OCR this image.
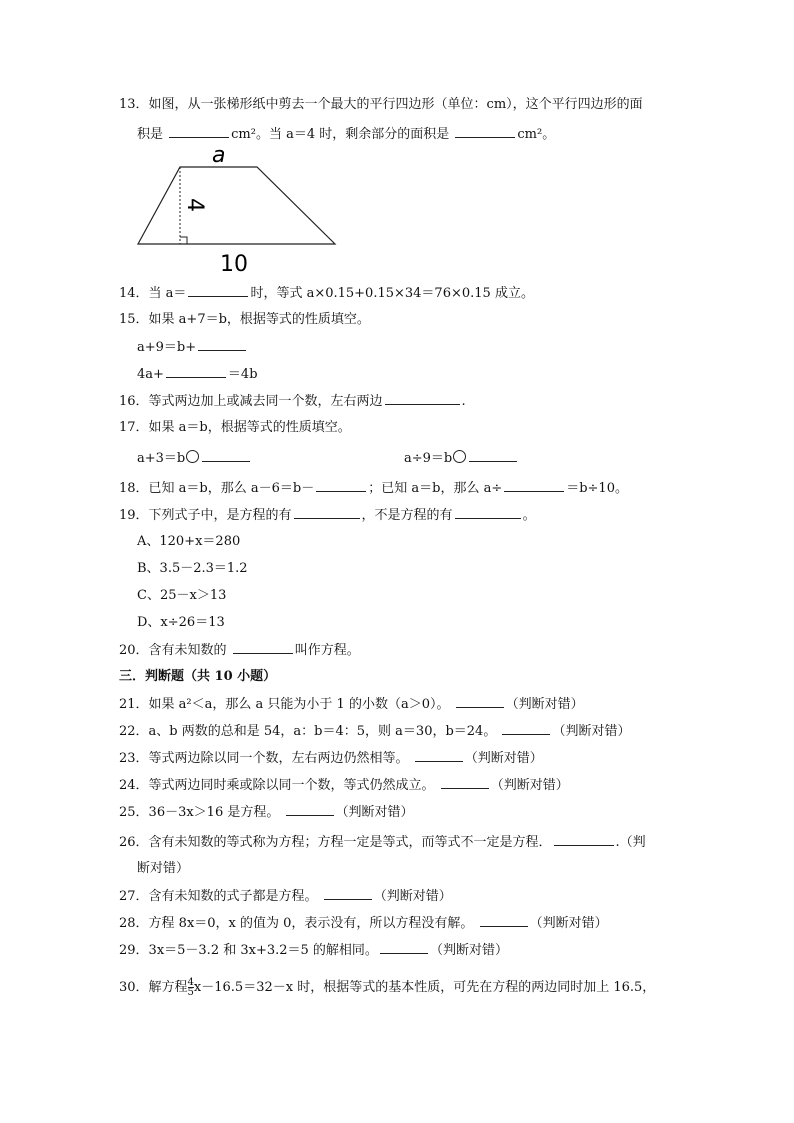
13．如图，从一张梯形纸中剪去一个最大的平行四边形（单位：cm），这个平行四边形的面
积是	cm²。当 a＝4 时，剩余部分的面积是	cm²。
a
4
10
14．当 a＝	时，等式 a×0.15+0.15×34＝76×0.15 成立。
15．如果 a+7＝b，根据等式的性质填空。
a+9＝b+
4a+	＝4b
16．等式两边加上或减去同一个数，左右两边	.
17．如果 a＝b，根据等式的性质填空。
a+3＝b	a÷9＝b
18．已知 a＝b，那么 a－6＝b－	；已知 a＝b，那么 a÷	＝b÷10。
19．下列式子中，是方程的有	，不是方程的有	。
A、120+x＝280
B、3.5－2.3＝1.2
C、25－x＞13
D、x÷26＝13
20．含有未知数的	叫作方程。
三．判断题（共 10 小题）
21．如果 a²＜a，那么 a 只能为小于 1 的小数（a＞0）。	（判断对错）
22．a、b 两数的总和是 54，a：b＝4：5，则 a＝30，b＝24。	（判断对错）
23．等式两边除以同一个数，左右两边仍然相等。	（判断对错）
24．等式两边同时乘或除以同一个数，等式仍然成立。	（判断对错）
25．36－3x＞16 是方程。	（判断对错）
26．含有未知数的等式称为方程；方程一定是等式，而等式不一定是方程．	.（判
断对错）
27．含有未知数的式子都是方程。	（判断对错）
28．方程 8x＝0，x 的值为 0，表示没有，所以方程没有解。	（判断对错）
29．3x＝5－3.2 和 3x+3.2＝5 的解相同。	（判断对错）
30．解方程 $\frac{4}{5} x-16.5=32-x$ 时，根据等式的基本性质，可先在方程的两边同时加上 16.5，
